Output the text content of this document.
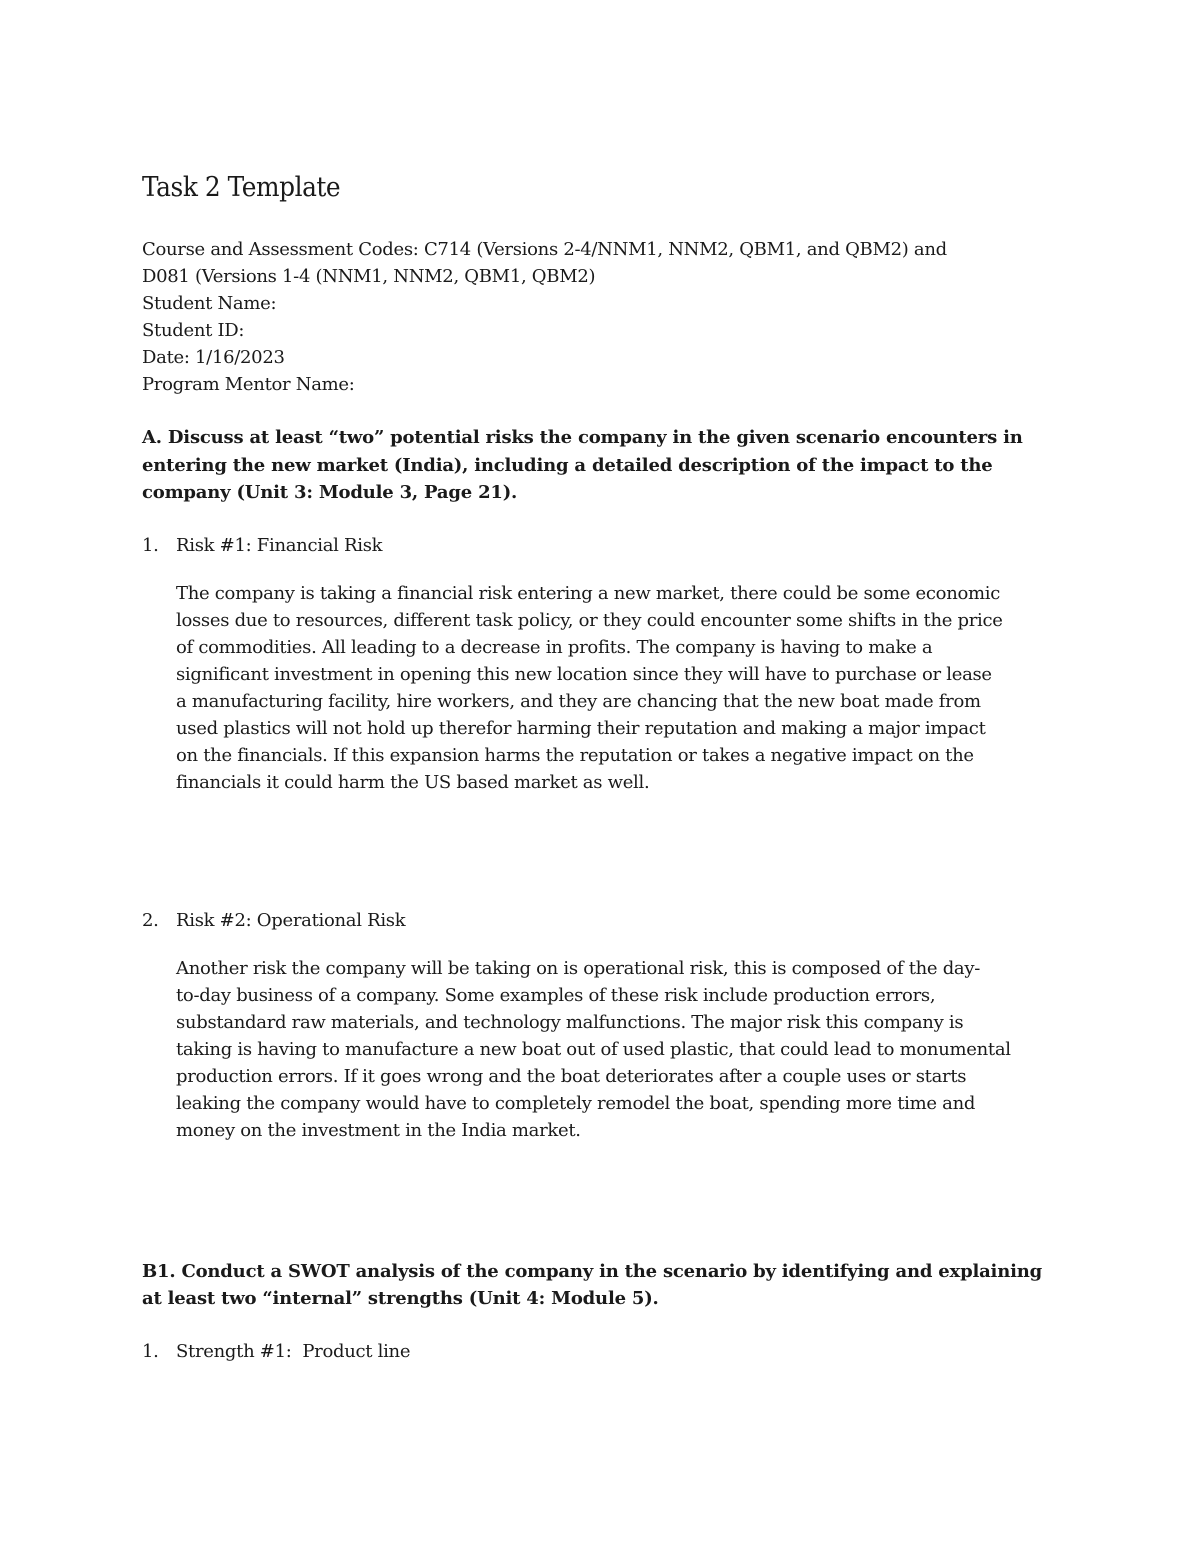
Task 2 Template
Course and Assessment Codes: C714 (Versions 2-4/NNM1, NNM2, QBM1, and QBM2) and
D081 (Versions 1-4 (NNM1, NNM2, QBM1, QBM2)
Student Name:
Student ID:
Date: 1/16/2023
Program Mentor Name:
A. Discuss at least “two” potential risks the company in the given scenario encounters in
entering the new market (India), including a detailed description of the impact to the
company (Unit 3: Module 3, Page 21).
1. Risk #1: Financial Risk
The company is taking a financial risk entering a new market, there could be some economic
losses due to resources, different task policy, or they could encounter some shifts in the price
of commodities. All leading to a decrease in profits. The company is having to make a
significant investment in opening this new location since they will have to purchase or lease
a manufacturing facility, hire workers, and they are chancing that the new boat made from
used plastics will not hold up therefor harming their reputation and making a major impact
on the financials. If this expansion harms the reputation or takes a negative impact on the
financials it could harm the US based market as well.
2. Risk #2: Operational Risk
Another risk the company will be taking on is operational risk, this is composed of the day-
to-day business of a company. Some examples of these risk include production errors,
substandard raw materials, and technology malfunctions. The major risk this company is
taking is having to manufacture a new boat out of used plastic, that could lead to monumental
production errors. If it goes wrong and the boat deteriorates after a couple uses or starts
leaking the company would have to completely remodel the boat, spending more time and
money on the investment in the India market.
B1. Conduct a SWOT analysis of the company in the scenario by identifying and explaining
at least two “internal” strengths (Unit 4: Module 5).
1. Strength #1:  Product line
